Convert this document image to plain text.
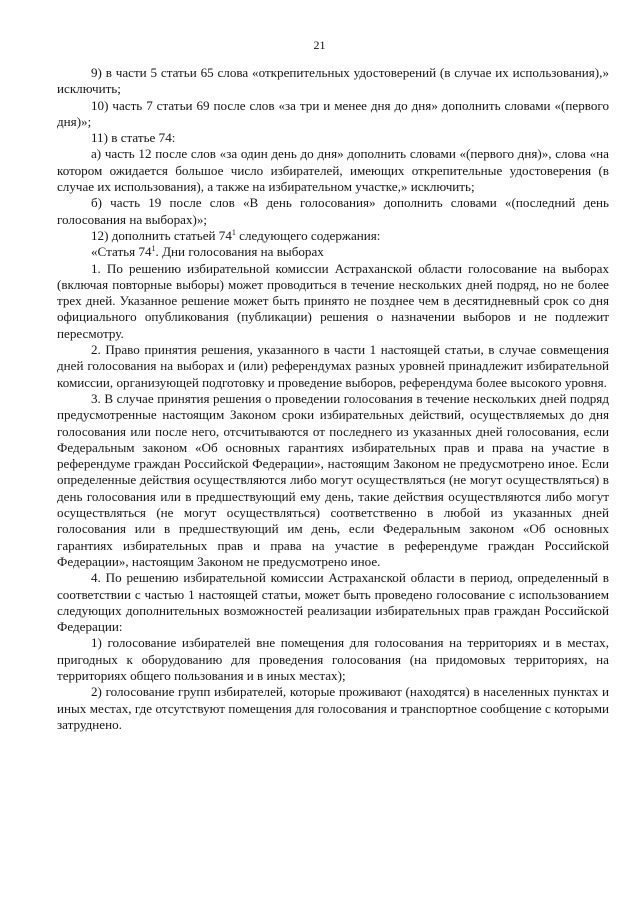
21

9) в части 5 статьи 65 слова «открепительных удостоверений (в случае их использования),» исключить;

10) часть 7 статьи 69 после слов «за три и менее дня до дня» дополнить словами «(первого дня)»;

11) в статье 74:

а) часть 12 после слов «за один день до дня» дополнить словами «(первого дня)», слова «на котором ожидается большое число избирателей, имеющих открепительные удостоверения (в случае их использования), а также на избирательном участке,» исключить;

б) часть 19 после слов «В день голосования» дополнить словами «(последний день голосования на выборах)»;

12) дополнить статьей $74^1$ следующего содержания:

«Статья $74^1$. Дни голосования на выборах

1. По решению избирательной комиссии Астраханской области голосование на выборах (включая повторные выборы) может проводиться в течение нескольких дней подряд, но не более трех дней. Указанное решение может быть принято не позднее чем в десятидневный срок со дня официального опубликования (публикации) решения о назначении выборов и не подлежит пересмотру.

2. Право принятия решения, указанного в части 1 настоящей статьи, в случае совмещения дней голосования на выборах и (или) референдумах разных уровней принадлежит избирательной комиссии, организующей подготовку и проведение выборов, референдума более высокого уровня.

3. В случае принятия решения о проведении голосования в течение нескольких дней подряд предусмотренные настоящим Законом сроки избирательных действий, осуществляемых до дня голосования или после него, отсчитываются от последнего из указанных дней голосования, если Федеральным законом «Об основных гарантиях избирательных прав и права на участие в референдуме граждан Российской Федерации», настоящим Законом не предусмотрено иное. Если определенные действия осуществляются либо могут осуществляться (не могут осуществляться) в день голосования или в предшествующий ему день, такие действия осуществляются либо могут осуществляться (не могут осуществляться) соответственно в любой из указанных дней голосования или в предшествующий им день, если Федеральным законом «Об основных гарантиях избирательных прав и права на участие в референдуме граждан Российской Федерации», настоящим Законом не предусмотрено иное.

4. По решению избирательной комиссии Астраханской области в период, определенный в соответствии с частью 1 настоящей статьи, может быть проведено голосование с использованием следующих дополнительных возможностей реализации избирательных прав граждан Российской Федерации:

1) голосование избирателей вне помещения для голосования на территориях и в местах, пригодных к оборудованию для проведения голосования (на придомовых территориях, на территориях общего пользования и в иных местах);

2) голосование групп избирателей, которые проживают (находятся) в населенных пунктах и иных местах, где отсутствуют помещения для голосования и транспортное сообщение с которыми затруднено.
